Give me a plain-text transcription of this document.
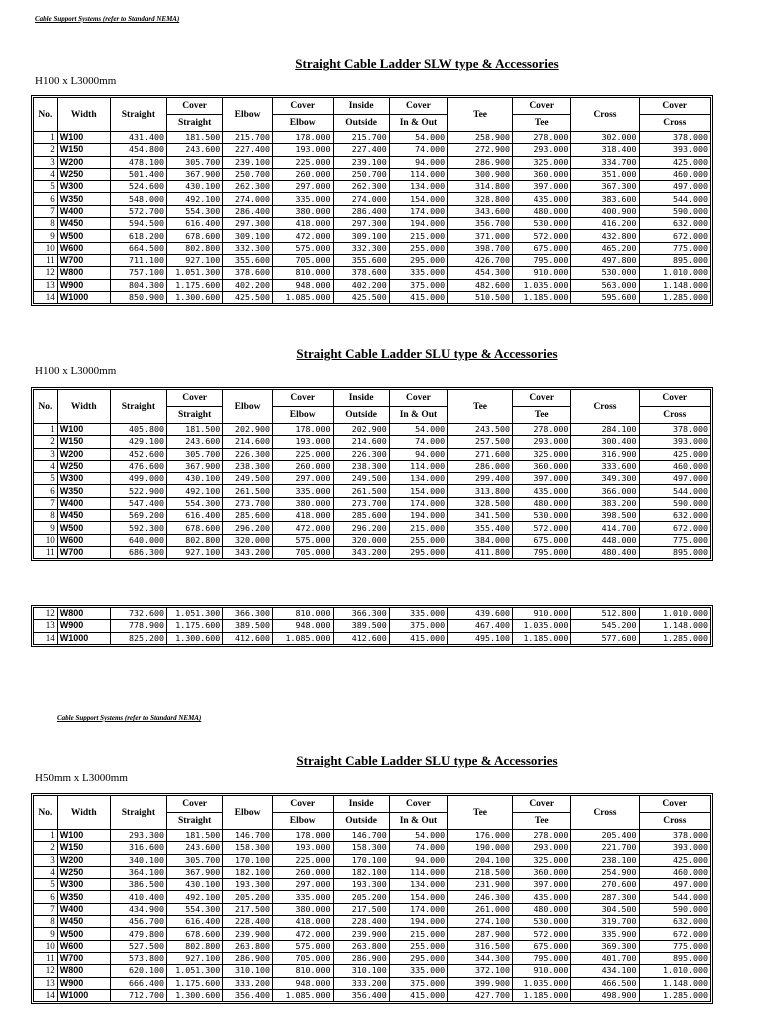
Cable Support Systems (refer to Standard NEMA)
Straight Cable Ladder SLW type & Accessories
H100 x L3000mm
No.	Width	Straight	Cover	Elbow	Cover	Inside	Cover	Tee	Cover	Cross	Cover
			Straight		Elbow	Outside	In & Out		Tee		Cross
1	W100	431.400	181.500	215.700	178.000	215.700	54.000	258.900	278.000	302.000	378.000
2	W150	454.800	243.600	227.400	193.000	227.400	74.000	272.900	293.000	318.400	393.000
3	W200	478.100	305.700	239.100	225.000	239.100	94.000	286.900	325.000	334.700	425.000
4	W250	501.400	367.900	250.700	260.000	250.700	114.000	300.900	360.000	351.000	460.000
5	W300	524.600	430.100	262.300	297.000	262.300	134.000	314.800	397.000	367.300	497.000
6	W350	548.000	492.100	274.000	335.000	274.000	154.000	328.800	435.000	383.600	544.000
7	W400	572.700	554.300	286.400	380.000	286.400	174.000	343.600	480.000	400.900	590.000
8	W450	594.500	616.400	297.300	418.000	297.300	194.000	356.700	530.000	416.200	632.000
9	W500	618.200	678.600	309.100	472.000	309.100	215.000	371.000	572.000	432.800	672.000
10	W600	664.500	802.800	332.300	575.000	332.300	255.000	398.700	675.000	465.200	775.000
11	W700	711.100	927.100	355.600	705.000	355.600	295.000	426.700	795.000	497.800	895.000
12	W800	757.100	1.051.300	378.600	810.000	378.600	335.000	454.300	910.000	530.000	1.010.000
13	W900	804.300	1.175.600	402.200	948.000	402.200	375.000	482.600	1.035.000	563.000	1.148.000
14	W1000	850.900	1.300.600	425.500	1.085.000	425.500	415.000	510.500	1.185.000	595.600	1.285.000
Straight Cable Ladder SLU type & Accessories
H100 x L3000mm
No.	Width	Straight	Cover	Elbow	Cover	Inside	Cover	Tee	Cover	Cross	Cover
			Straight		Elbow	Outside	In & Out		Tee		Cross
1	W100	405.800	181.500	202.900	178.000	202.900	54.000	243.500	278.000	284.100	378.000
2	W150	429.100	243.600	214.600	193.000	214.600	74.000	257.500	293.000	300.400	393.000
3	W200	452.600	305.700	226.300	225.000	226.300	94.000	271.600	325.000	316.900	425.000
4	W250	476.600	367.900	238.300	260.000	238.300	114.000	286.000	360.000	333.600	460.000
5	W300	499.000	430.100	249.500	297.000	249.500	134.000	299.400	397.000	349.300	497.000
6	W350	522.900	492.100	261.500	335.000	261.500	154.000	313.800	435.000	366.000	544.000
7	W400	547.400	554.300	273.700	380.000	273.700	174.000	328.500	480.000	383.200	590.000
8	W450	569.200	616.400	285.600	418.000	285.600	194.000	341.500	530.000	398.500	632.000
9	W500	592.300	678.600	296.200	472.000	296.200	215.000	355.400	572.000	414.700	672.000
10	W600	640.000	802.800	320.000	575.000	320.000	255.000	384.000	675.000	448.000	775.000
11	W700	686.300	927.100	343.200	705.000	343.200	295.000	411.800	795.000	480.400	895.000
12	W800	732.600	1.051.300	366.300	810.000	366.300	335.000	439.600	910.000	512.800	1.010.000
13	W900	778.900	1.175.600	389.500	948.000	389.500	375.000	467.400	1.035.000	545.200	1.148.000
14	W1000	825.200	1.300.600	412.600	1.085.000	412.600	415.000	495.100	1.185.000	577.600	1.285.000
Cable Support Systems (refer to Standard NEMA)
Straight Cable Ladder SLU type & Accessories
H50mm x L3000mm
No.	Width	Straight	Cover	Elbow	Cover	Inside	Cover	Tee	Cover	Cross	Cover
			Straight		Elbow	Outside	In & Out		Tee		Cross
1	W100	293.300	181.500	146.700	178.000	146.700	54.000	176.000	278.000	205.400	378.000
2	W150	316.600	243.600	158.300	193.000	158.300	74.000	190.000	293.000	221.700	393.000
3	W200	340.100	305.700	170.100	225.000	170.100	94.000	204.100	325.000	238.100	425.000
4	W250	364.100	367.900	182.100	260.000	182.100	114.000	218.500	360.000	254.900	460.000
5	W300	386.500	430.100	193.300	297.000	193.300	134.000	231.900	397.000	270.600	497.000
6	W350	410.400	492.100	205.200	335.000	205.200	154.000	246.300	435.000	287.300	544.000
7	W400	434.900	554.300	217.500	380.000	217.500	174.000	261.000	480.000	304.500	590.000
8	W450	456.700	616.400	228.400	418.000	228.400	194.000	274.100	530.000	319.700	632.000
9	W500	479.800	678.600	239.900	472.000	239.900	215.000	287.900	572.000	335.900	672.000
10	W600	527.500	802.800	263.800	575.000	263.800	255.000	316.500	675.000	369.300	775.000
11	W700	573.800	927.100	286.900	705.000	286.900	295.000	344.300	795.000	401.700	895.000
12	W800	620.100	1.051.300	310.100	810.000	310.100	335.000	372.100	910.000	434.100	1.010.000
13	W900	666.400	1.175.600	333.200	948.000	333.200	375.000	399.900	1.035.000	466.500	1.148.000
14	W1000	712.700	1.300.600	356.400	1.085.000	356.400	415.000	427.700	1.185.000	498.900	1.285.000
